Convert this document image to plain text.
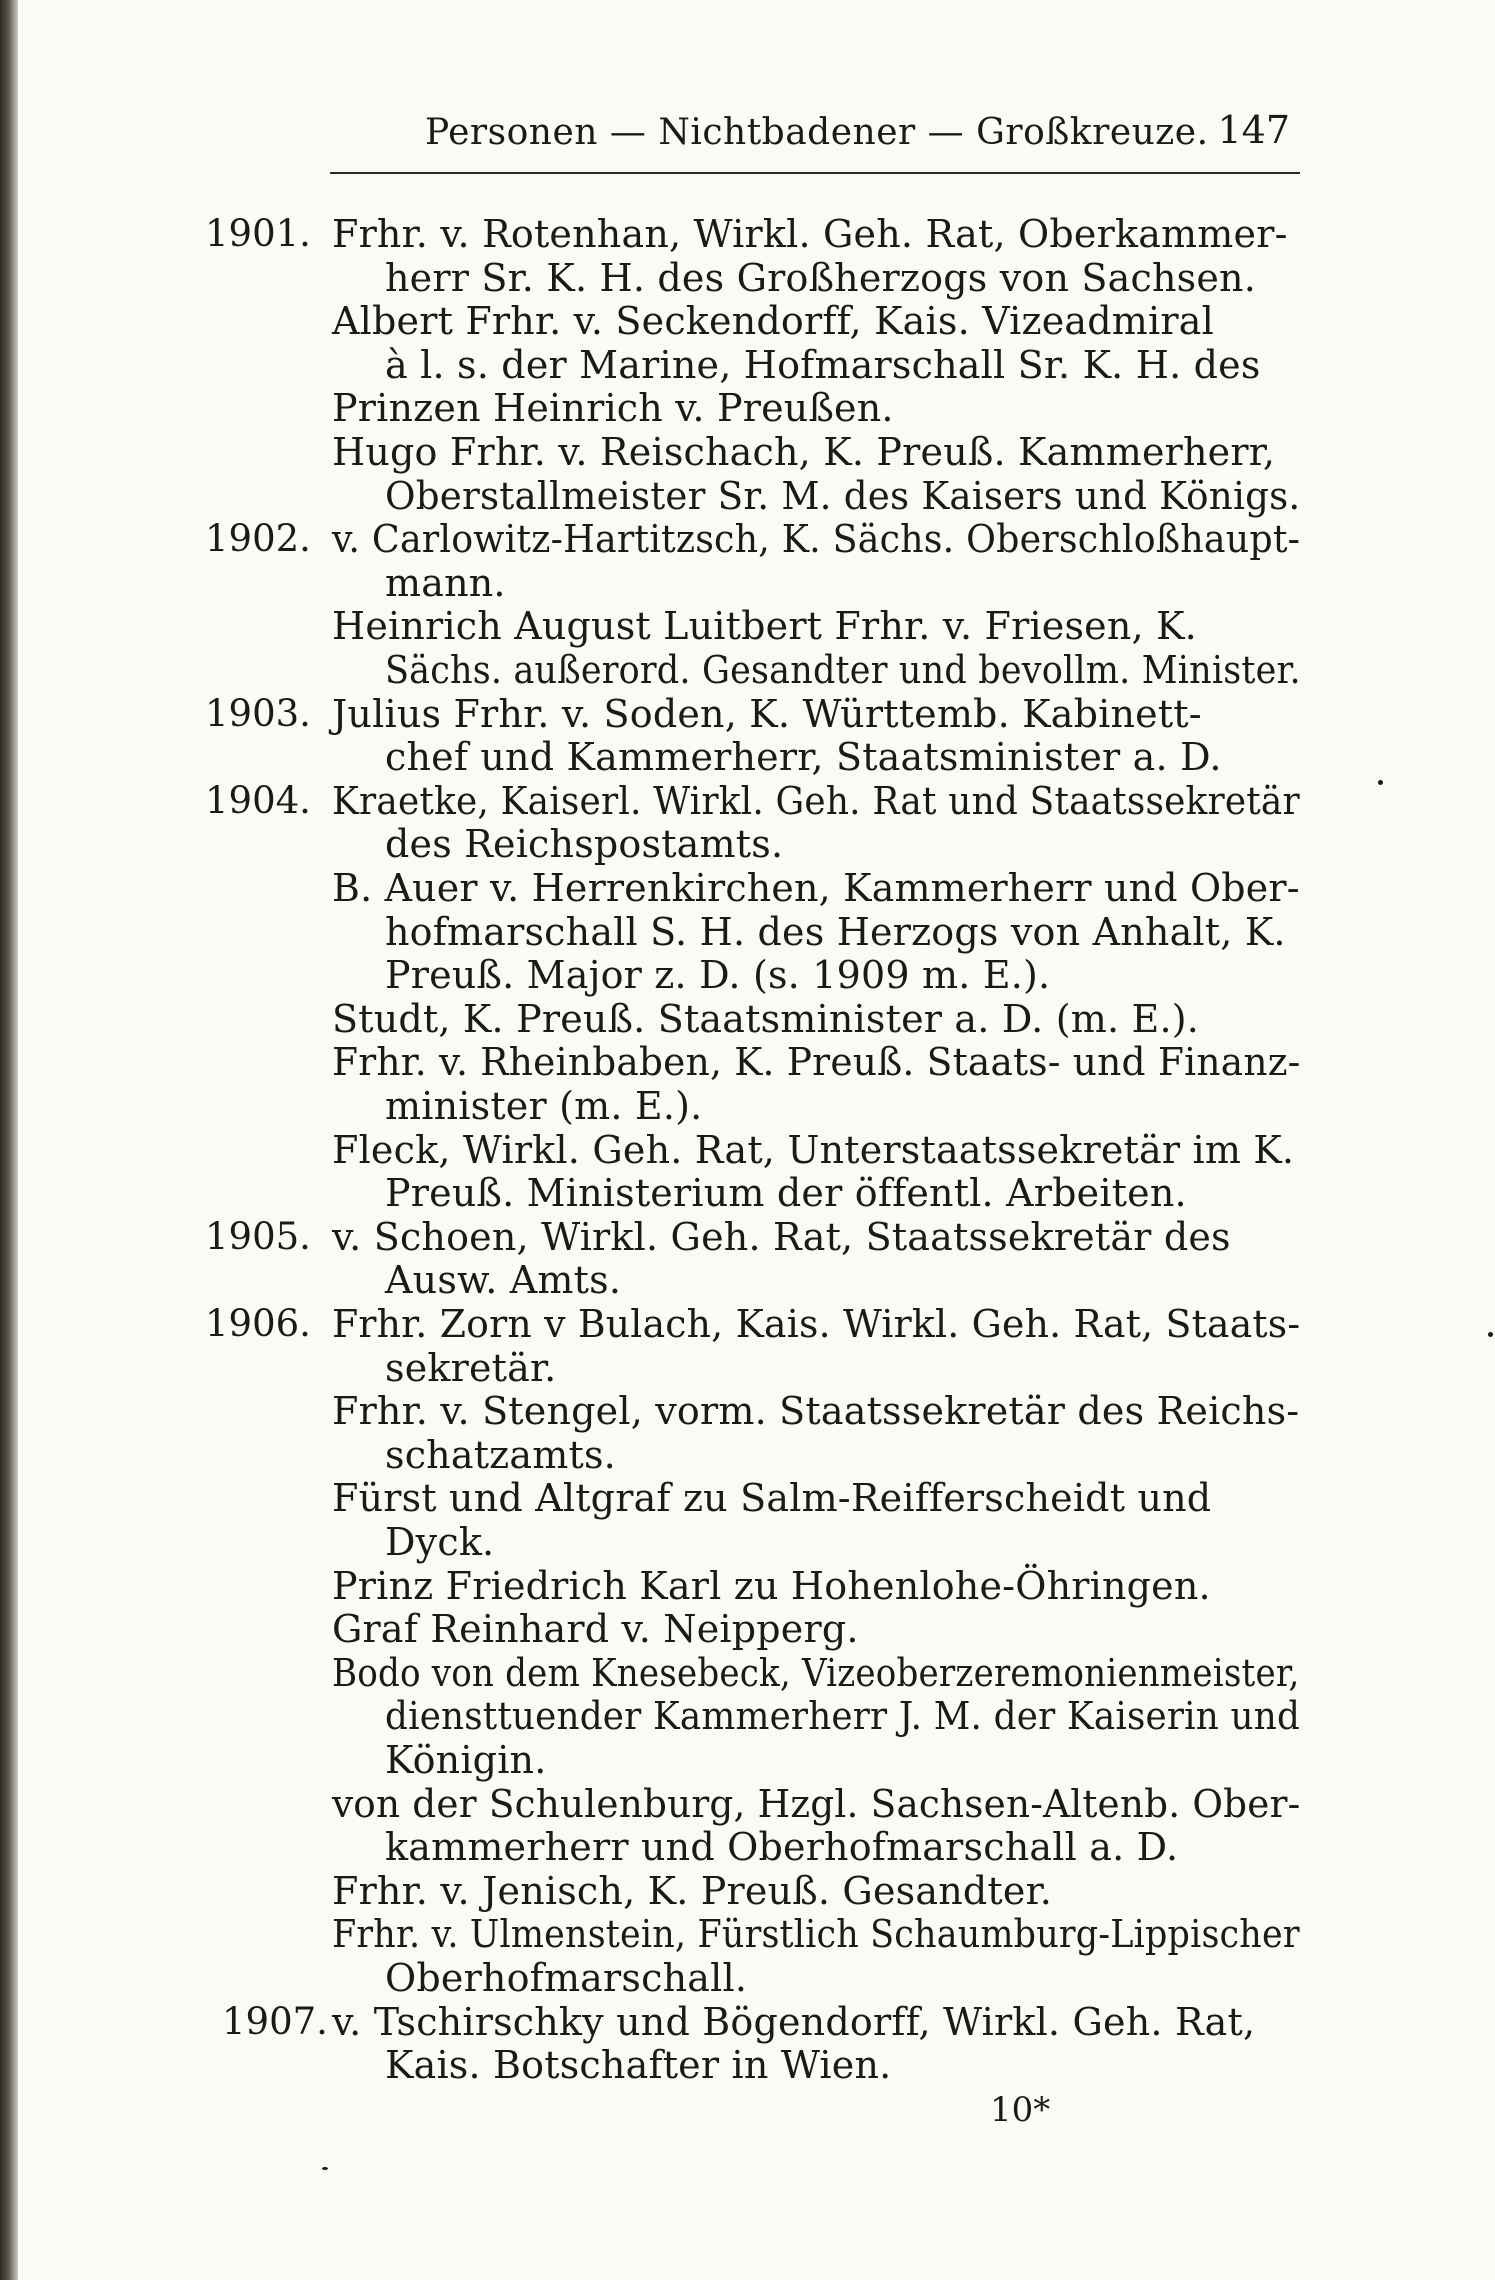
Personen — Nichtbadener — Großkreuze. 147
1901. Frhr. v. Rotenhan, Wirkl. Geh. Rat, Oberkammer-
herr Sr. K. H. des Großherzogs von Sachsen.
Albert Frhr. v. Seckendorff, Kais. Vizeadmiral
à l. s. der Marine, Hofmarschall Sr. K. H. des
Prinzen Heinrich v. Preußen.
Hugo Frhr. v. Reischach, K. Preuß. Kammerherr,
Oberstallmeister Sr. M. des Kaisers und Königs.
1902. v. Carlowitz-Hartitzsch, K. Sächs. Oberschloßhaupt-
mann.
Heinrich August Luitbert Frhr. v. Friesen, K.
Sächs. außerord. Gesandter und bevollm. Minister.
1903. Julius Frhr. v. Soden, K. Württemb. Kabinett-
chef und Kammerherr, Staatsminister a. D.
1904. Kraetke, Kaiserl. Wirkl. Geh. Rat und Staatssekretär
des Reichspostamts.
B. Auer v. Herrenkirchen, Kammerherr und Ober-
hofmarschall S. H. des Herzogs von Anhalt, K.
Preuß. Major z. D. (s. 1909 m. E.).
Studt, K. Preuß. Staatsminister a. D. (m. E.).
Frhr. v. Rheinbaben, K. Preuß. Staats- und Finanz-
minister (m. E.).
Fleck, Wirkl. Geh. Rat, Unterstaatssekretär im K.
Preuß. Ministerium der öffentl. Arbeiten.
1905. v. Schoen, Wirkl. Geh. Rat, Staatssekretär des
Ausw. Amts.
1906. Frhr. Zorn v Bulach, Kais. Wirkl. Geh. Rat, Staats-
sekretär.
Frhr. v. Stengel, vorm. Staatssekretär des Reichs-
schatzamts.
Fürst und Altgraf zu Salm-Reifferscheidt und
Dyck.
Prinz Friedrich Karl zu Hohenlohe-Öhringen.
Graf Reinhard v. Neipperg.
Bodo von dem Knesebeck, Vizeoberzeremonienmeister,
diensttuender Kammerherr J. M. der Kaiserin und
Königin.
von der Schulenburg, Hzgl. Sachsen-Altenb. Ober-
kammerherr und Oberhofmarschall a. D.
Frhr. v. Jenisch, K. Preuß. Gesandter.
Frhr. v. Ulmenstein, Fürstlich Schaumburg-Lippischer
Oberhofmarschall.
1907. v. Tschirschky und Bögendorff, Wirkl. Geh. Rat,
Kais. Botschafter in Wien.
10*
